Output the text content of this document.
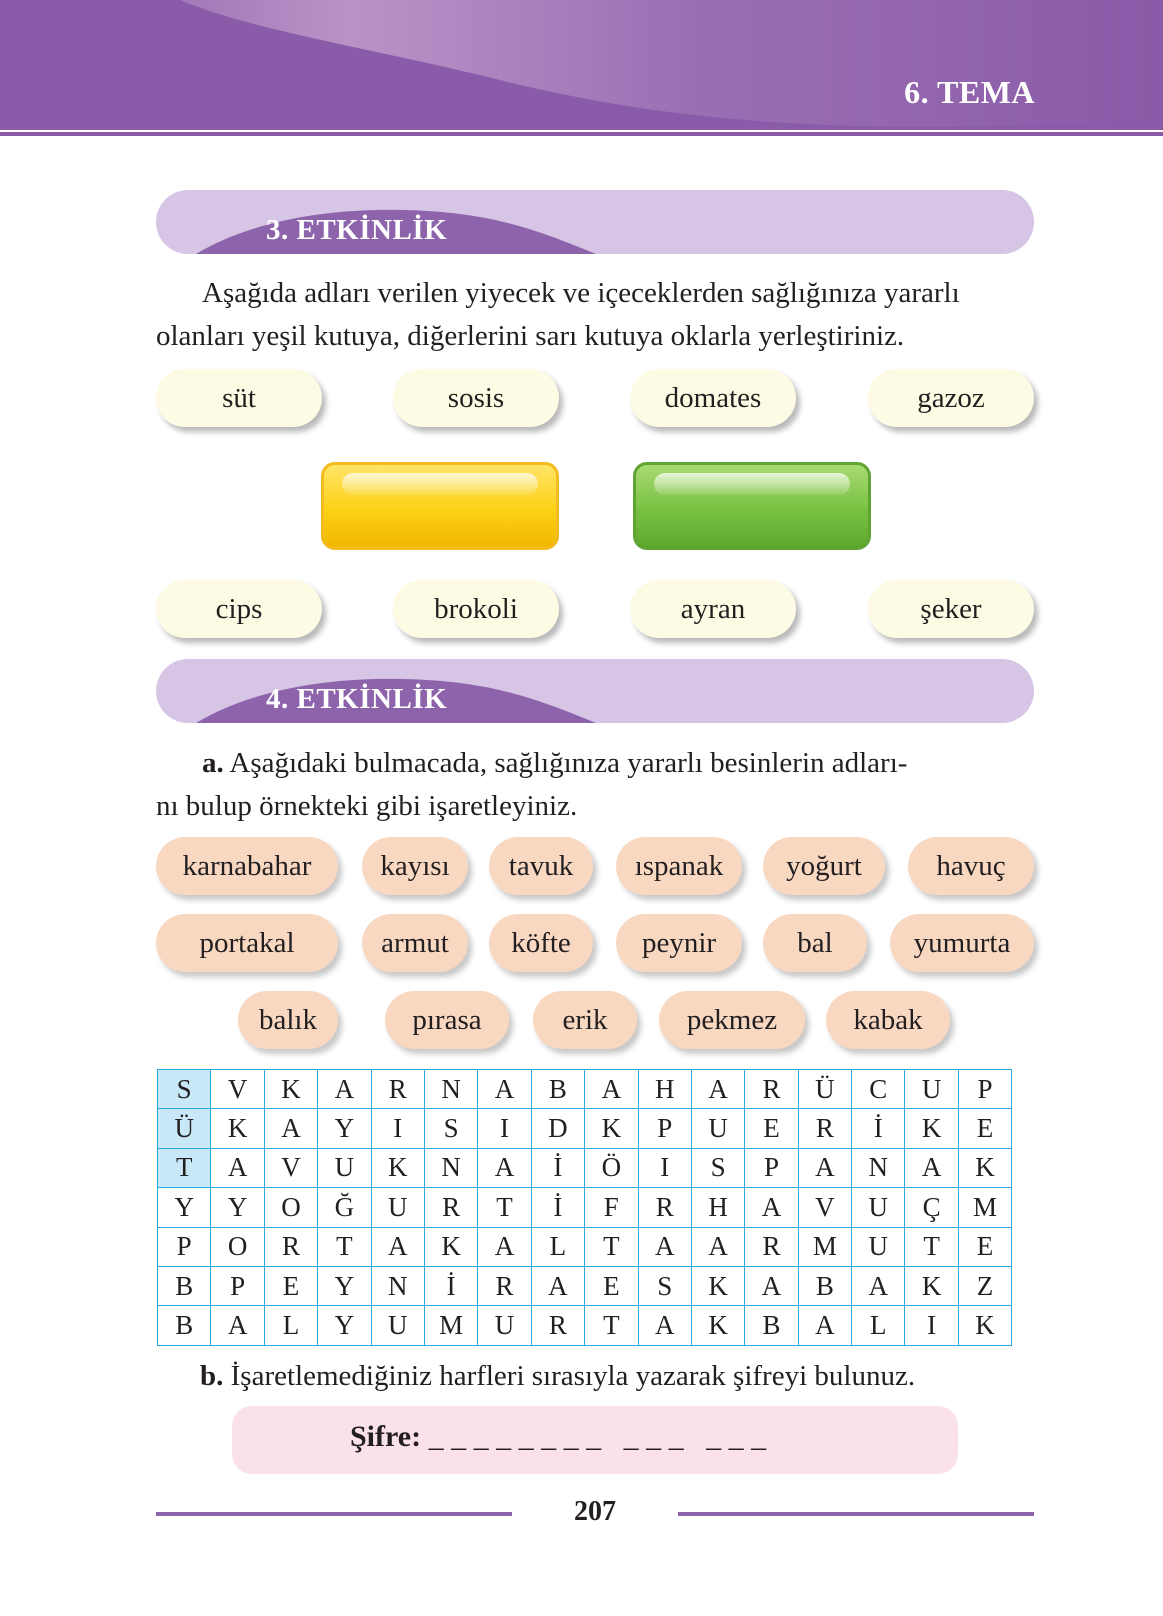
6. TEMA
3. ETKİNLİK
Aşağıda adları verilen yiyecek ve içeceklerden sağlığınıza yararlı
olanları yeşil kutuya, diğerlerini sarı kutuya oklarla yerleştiriniz.
süt	sosis	domates	gazoz
cips	brokoli	ayran	şeker
4. ETKİNLİK
a. Aşağıdaki bulmacada, sağlığınıza yararlı besinlerin adları-
nı bulup örnekteki gibi işaretleyiniz.
karnabahar	kayısı	tavuk	ıspanak	yoğurt	havuç
portakal	armut	köfte	peynir	bal	yumurta
balık	pırasa	erik	pekmez	kabak
S	V	K	A	R	N	A	B	A	H	A	R	Ü	C	U	P
Ü	K	A	Y	I	S	I	D	K	P	U	E	R	İ	K	E
T	A	V	U	K	N	A	İ	Ö	I	S	P	A	N	A	K
Y	Y	O	Ğ	U	R	T	İ	F	R	H	A	V	U	Ç	M
P	O	R	T	A	K	A	L	T	A	A	R	M	U	T	E
B	P	E	Y	N	İ	R	A	E	S	K	A	B	A	K	Z
B	A	L	Y	U	M	U	R	T	A	K	B	A	L	I	K
b. İşaretlemediğiniz harfleri sırasıyla yazarak şifreyi bulunuz.
Şifre: _ _ _ _ _ _ _ _   _ _ _   _ _ _
207
